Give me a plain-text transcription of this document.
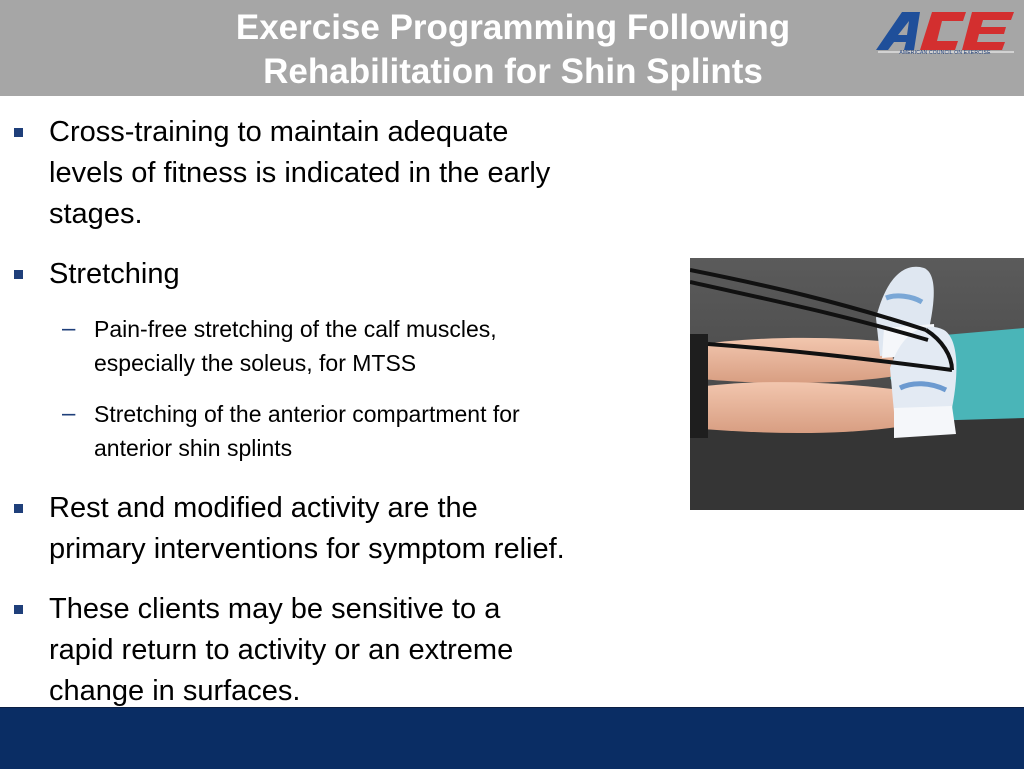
Exercise Programming Following
Rehabilitation for Shin Splints	AMERICAN COUNCIL ON EXERCISE
Cross-training to maintain adequate
levels of fitness is indicated in the early
stages.
Stretching
– Pain-free stretching of the calf muscles,
especially the soleus, for MTSS
– Stretching of the anterior compartment for
anterior shin splints
Rest and modified activity are the
primary interventions for symptom relief.
These clients may be sensitive to a
rapid return to activity or an extreme
change in surfaces.
